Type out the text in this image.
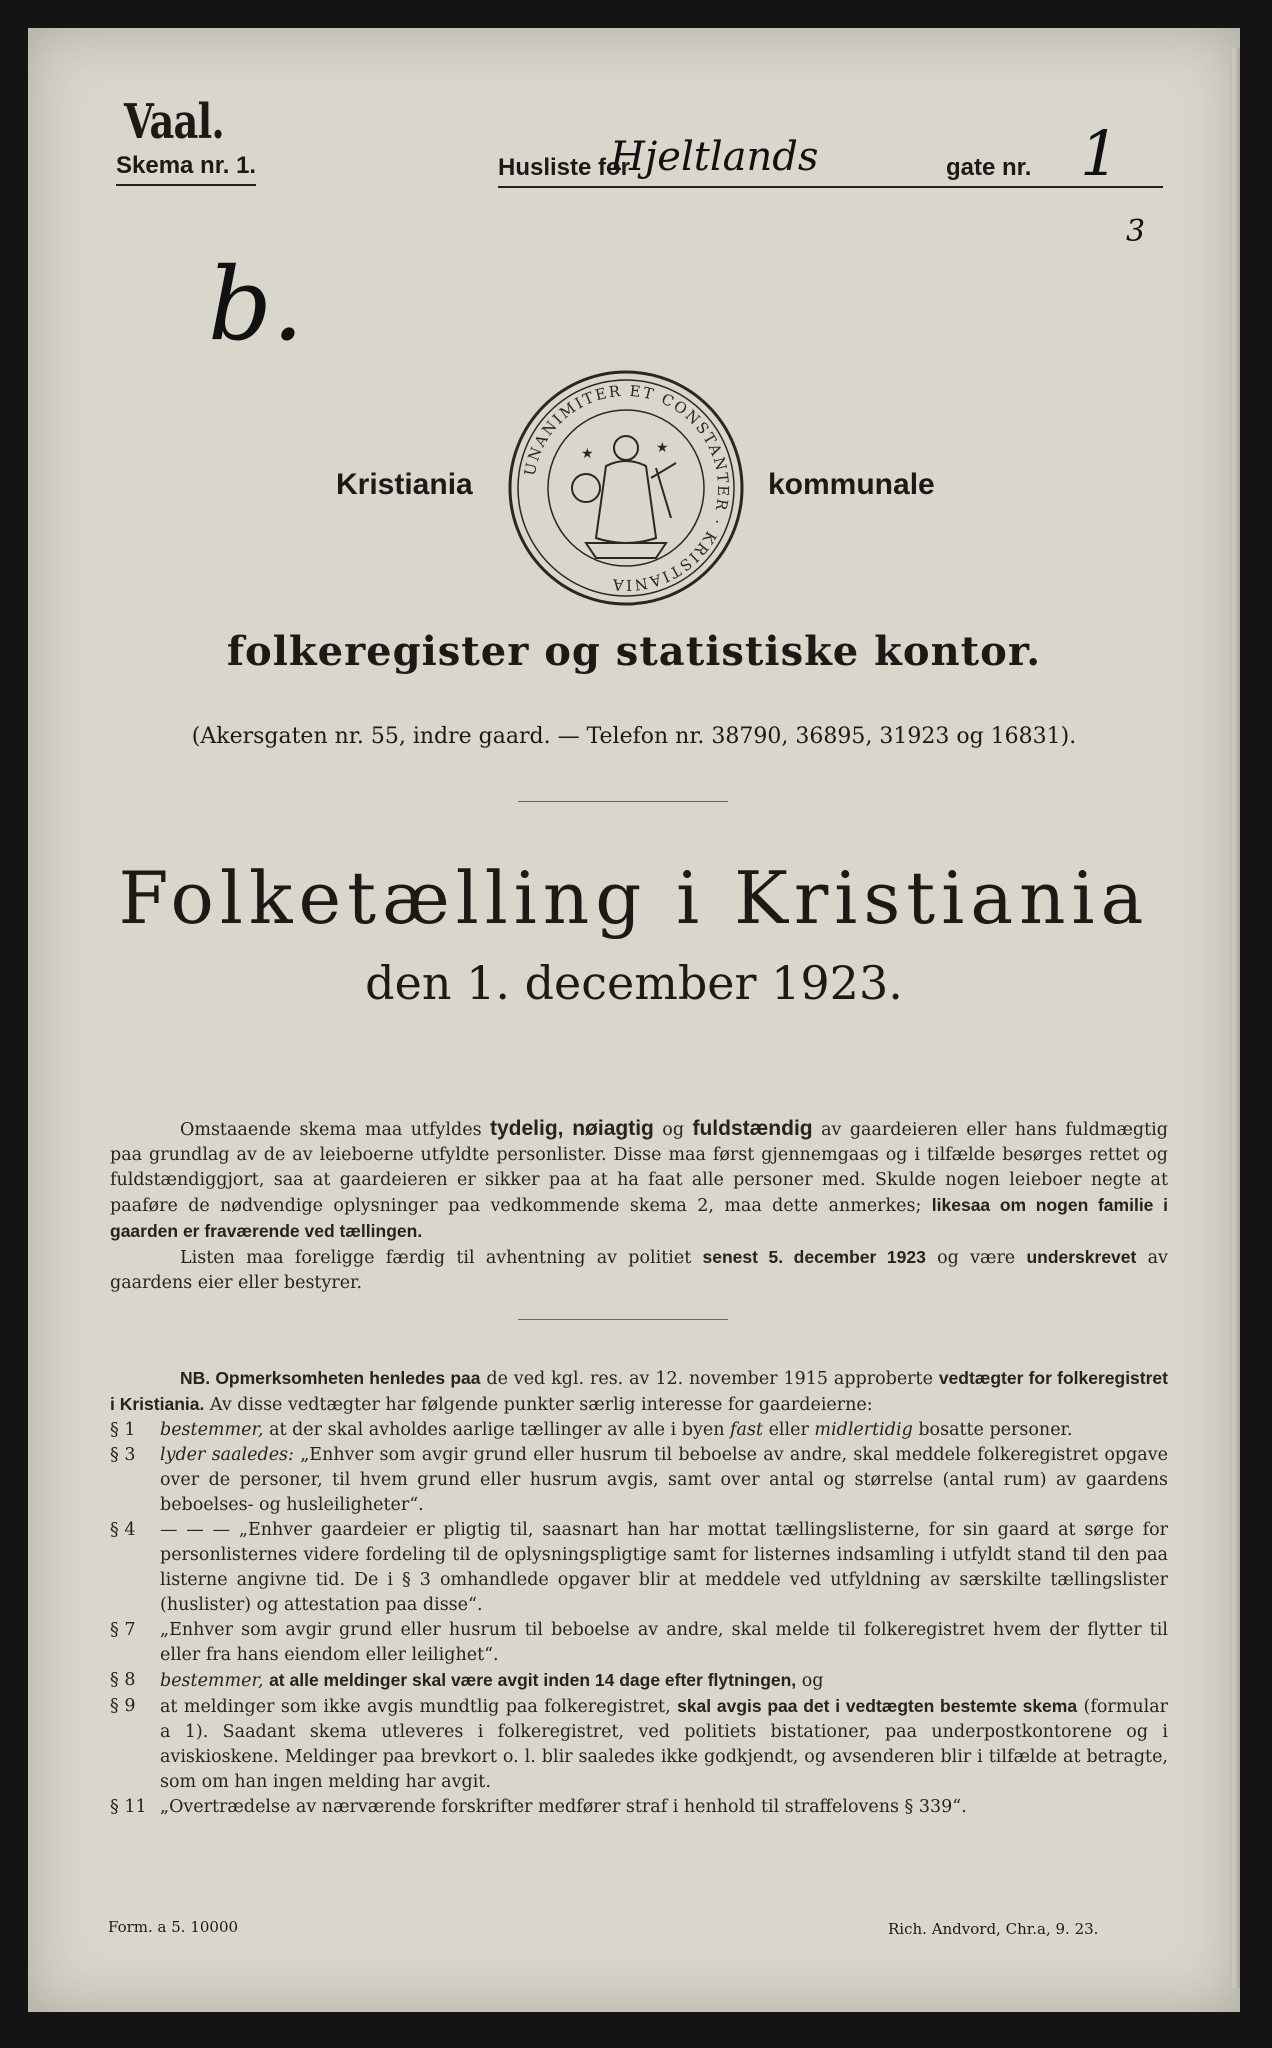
Vaal.
Skema nr. 1.	Husliste for
Hjeltlands	gate nr. 1
3
b.
Kristiania	UNANIMITER ET CONSTANTER · KRISTIANIA
★	★
kommunale
folkeregister og statistiske kontor.
(Akersgaten nr. 55, indre gaard. — Telefon nr. 38790, 36895, 31923 og 16831).
Folketælling i Kristiania
den 1. december 1923.
Omstaaende skema maa utfyldes tydelig, nøiagtig og fuldstændig av gaardeieren eller hans fuldmægtig paa grundlag av de av leieboerne utfyldte personlister. Disse maa først gjennemgaas og i tilfælde besørges rettet og fuldstændiggjort, saa at gaardeieren er sikker paa at ha faat alle personer med. Skulde nogen leieboer negte at paaføre de nødvendige oplysninger paa vedkommende skema 2, maa dette anmerkes; likesaa om nogen familie i gaarden er fraværende ved tællingen.
Listen maa foreligge færdig til avhentning av politiet senest 5. december 1923 og være underskrevet av gaardens eier eller bestyrer.
NB. Opmerksomheten henledes paa de ved kgl. res. av 12. november 1915 approberte vedtægter for folkeregistret i Kristiania. Av disse vedtægter har følgende punkter særlig interesse for gaardeierne:
§ 1	bestemmer, at der skal avholdes aarlige tællinger av alle i byen fast eller midlertidig bosatte personer.
§ 3	lyder saaledes: „Enhver som avgir grund eller husrum til beboelse av andre, skal meddele folkeregistret opgave over de personer, til hvem grund eller husrum avgis, samt over antal og størrelse (antal rum) av gaardens beboelses- og husleiligheter“.
§ 4	— — — „Enhver gaardeier er pligtig til, saasnart han har mottat tællingslisterne, for sin gaard at sørge for personlisternes videre fordeling til de oplysningspligtige samt for listernes indsamling i utfyldt stand til den paa listerne angivne tid. De i § 3 omhandlede opgaver blir at meddele ved utfyldning av særskilte tællingslister (huslister) og attestation paa disse“.
§ 7	„Enhver som avgir grund eller husrum til beboelse av andre, skal melde til folkeregistret hvem der flytter til eller fra hans eiendom eller leilighet“.
§ 8	bestemmer, at alle meldinger skal være avgit inden 14 dage efter flytningen, og
§ 9	at meldinger som ikke avgis mundtlig paa folkeregistret, skal avgis paa det i vedtægten bestemte skema (formular a 1). Saadant skema utleveres i folkeregistret, ved politiets bistationer, paa underpostkontorene og i aviskioskene. Meldinger paa brevkort o. l. blir saaledes ikke godkjendt, og avsenderen blir i tilfælde at betragte, som om han ingen melding har avgit.
§ 11 „Overtrædelse av nærværende forskrifter medfører straf i henhold til straffelovens § 339“.
Form. a 5. 10000	Rich. Andvord, Chr.a, 9. 23.
